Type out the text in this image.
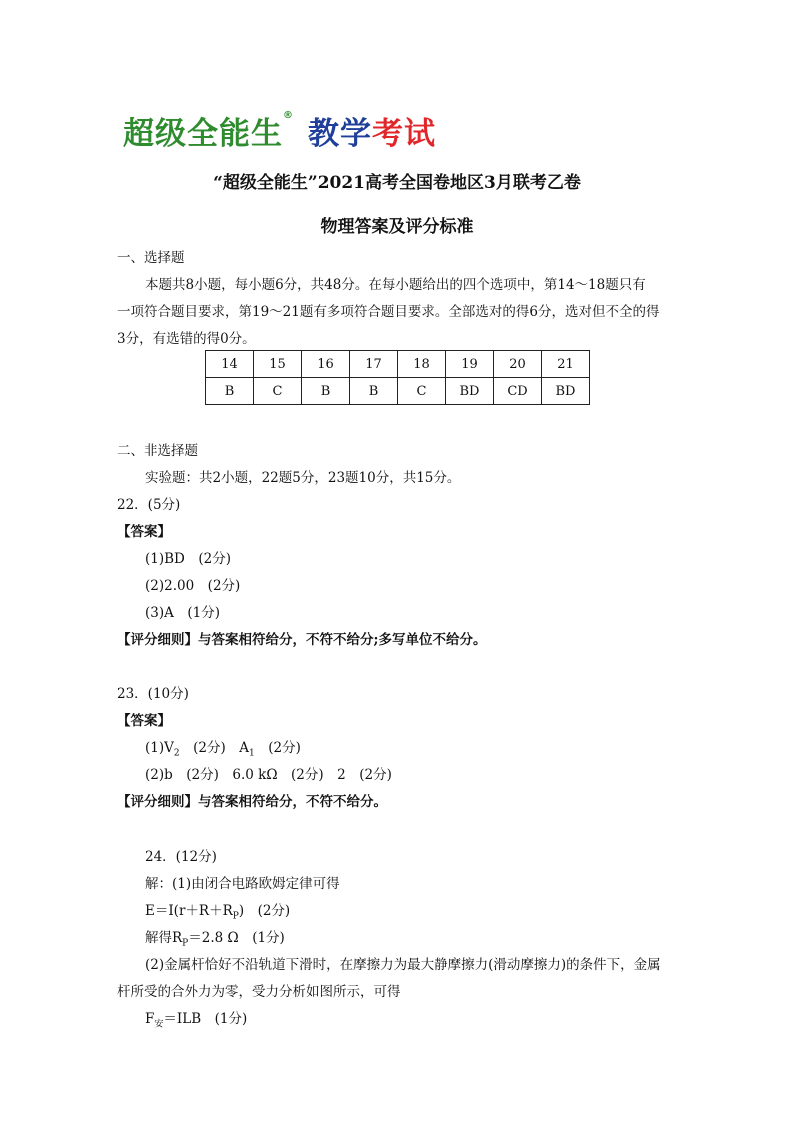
超级全能生®教学考试
“超级全能生”2021高考全国卷地区3月联考乙卷
物理答案及评分标准
一、选择题
本题共8小题，每小题6分，共48分。在每小题给出的四个选项中，第14～18题只有
一项符合题目要求，第19～21题有多项符合题目要求。全部选对的得6分，选对但不全的得
3分，有选错的得0分。
14	15	16	17	18	19	20	21
B	C	B	B	C	BD	CD	BD
二、非选择题
实验题：共2小题，22题5分，23题10分，共15分。
22．(5分)
【答案】
(1)BD　(2分)
(2)2.00　(2分)
(3)A　(1分)
【评分细则】与答案相符给分，不符不给分;多写单位不给分。
23．(10分)
【答案】
$(1)V_2$　(2分)　$A_1$　(2分)
(2)b　(2分)　6.0 kΩ　(2分)　2　(2分)
【评分细则】与答案相符给分，不符不给分。
24．(12分)
解：(1)由闭合电路欧姆定律可得
$E=I(r+R+R_P)$　(2分)
解得$R_P=2.8$ Ω　(1分)
(2)金属杆恰好不沿轨道下滑时，在摩擦力为最大静摩擦力(滑动摩擦力)的条件下，金属
杆所受的合外力为零，受力分析如图所示，可得
$F_安=ILB$　(1分)
